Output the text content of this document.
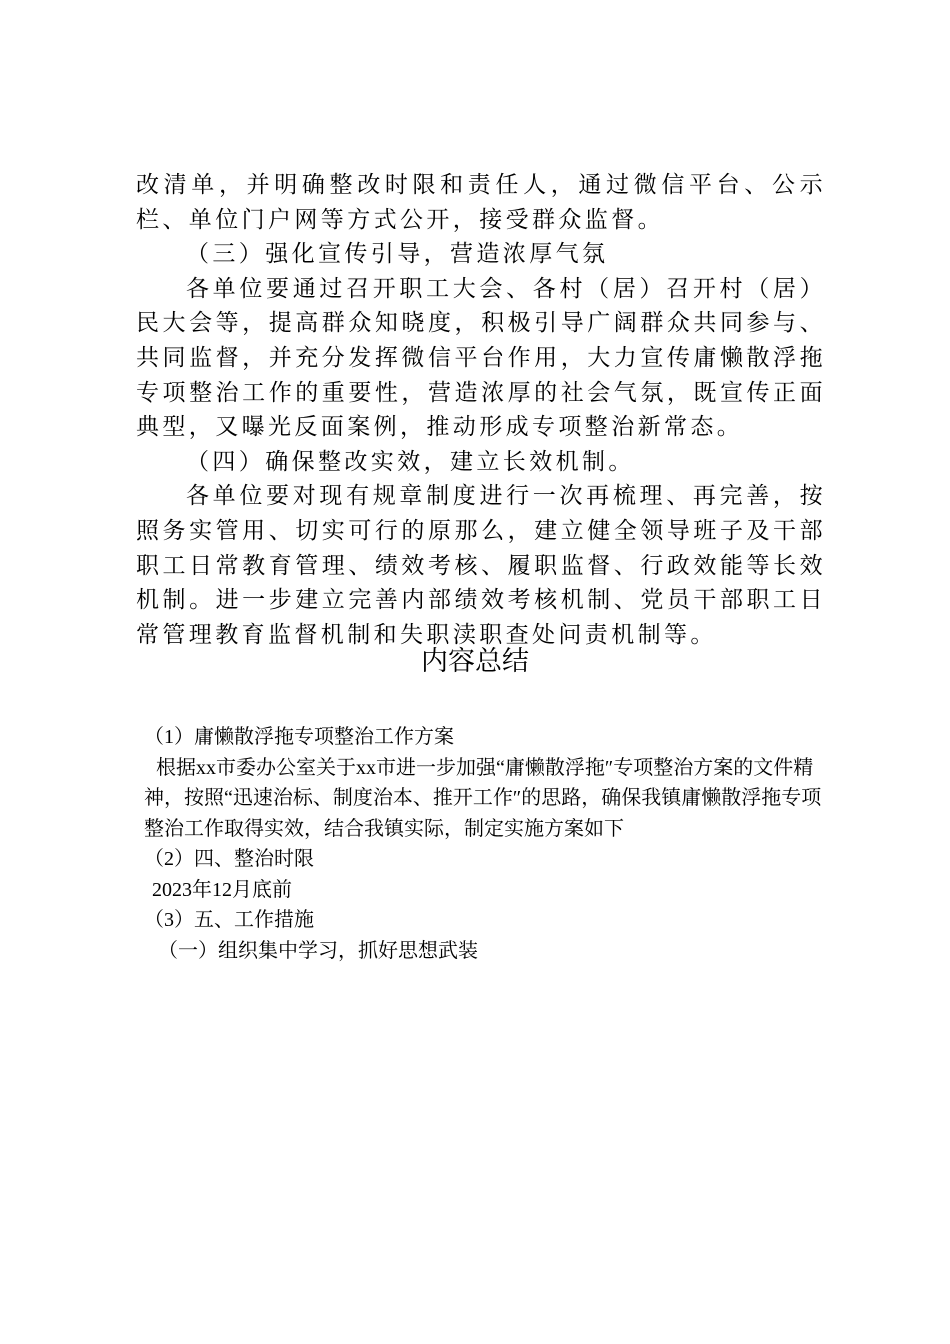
改清单，并明确整改时限和责任人，通过微信平台、公示栏、单位门户网等方式公开，接受群众监督。

（三）强化宣传引导，营造浓厚气氛

各单位要通过召开职工大会、各村（居）召开村（居）民大会等，提高群众知晓度，积极引导广阔群众共同参与、共同监督，并充分发挥微信平台作用，大力宣传庸懒散浮拖专项整治工作的重要性，营造浓厚的社会气氛，既宣传正面典型，又曝光反面案例，推动形成专项整治新常态。

（四）确保整改实效，建立长效机制。

各单位要对现有规章制度进行一次再梳理、再完善，按照务实管用、切实可行的原那么，建立健全领导班子及干部职工日常教育管理、绩效考核、履职监督、行政效能等长效机制。进一步建立完善内部绩效考核机制、党员干部职工日常管理教育监督机制和失职渎职查处问责机制等。

内容总结

（1）庸懒散浮拖专项整治工作方案

根据xx市委办公室关于xx市进一步加强“庸懒散浮拖″专项整治方案的文件精神，按照“迅速治标、制度治本、推开工作″的思路，确保我镇庸懒散浮拖专项整治工作取得实效，结合我镇实际，制定实施方案如下

（2）四、整治时限

2023年12月底前

（3）五、工作措施

（一）组织集中学习，抓好思想武装
